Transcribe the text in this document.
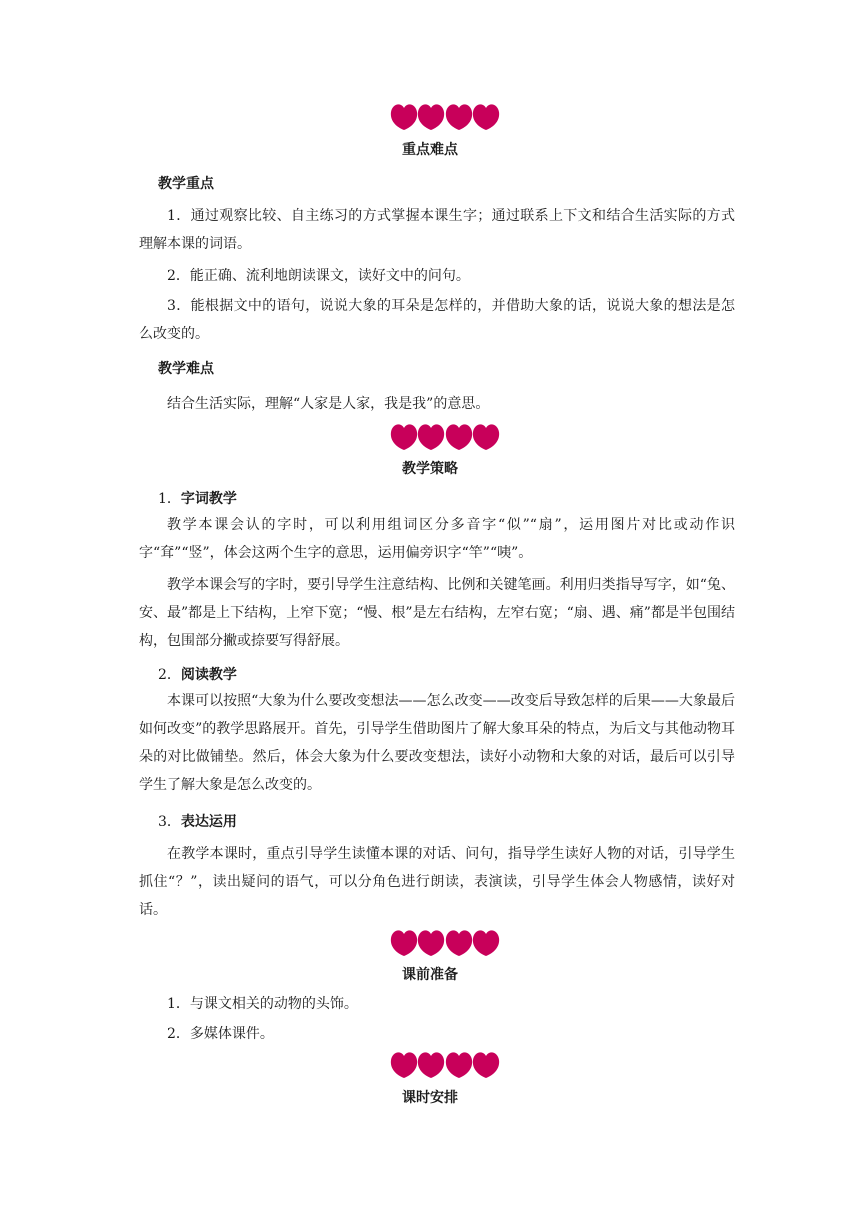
重点难点
教学重点

1．通过观察比较、自主练习的方式掌握本课生字；通过联系上下文和结合生活实际的方式理解本课的词语。

2．能正确、流利地朗读课文，读好文中的问句。

3．能根据文中的语句，说说大象的耳朵是怎样的，并借助大象的话，说说大象的想法是怎么改变的。

教学难点

结合生活实际，理解“人家是人家，我是我”的意思。

教学策略
1．字词教学

教学本课会认的字时，可以利用组词区分多音字“似”“扇”，运用图片对比或动作识字“耷”“竖”，体会这两个生字的意思，运用偏旁识字“竿”“咦”。

教学本课会写的字时，要引导学生注意结构、比例和关键笔画。利用归类指导写字，如“兔、安、最”都是上下结构，上窄下宽；“慢、根”是左右结构，左窄右宽；“扇、遇、痛”都是半包围结构，包围部分撇或捺要写得舒展。

2．阅读教学

本课可以按照“大象为什么要改变想法——怎么改变——改变后导致怎样的后果——大象最后如何改变”的教学思路展开。首先，引导学生借助图片了解大象耳朵的特点，为后文与其他动物耳朵的对比做铺垫。然后，体会大象为什么要改变想法，读好小动物和大象的对话，最后可以引导学生了解大象是怎么改变的。

3．表达运用

在教学本课时，重点引导学生读懂本课的对话、问句，指导学生读好人物的对话，引导学生抓住“？”，读出疑问的语气，可以分角色进行朗读，表演读，引导学生体会人物感情，读好对话。

课前准备

1．与课文相关的动物的头饰。

2．多媒体课件。

课时安排
